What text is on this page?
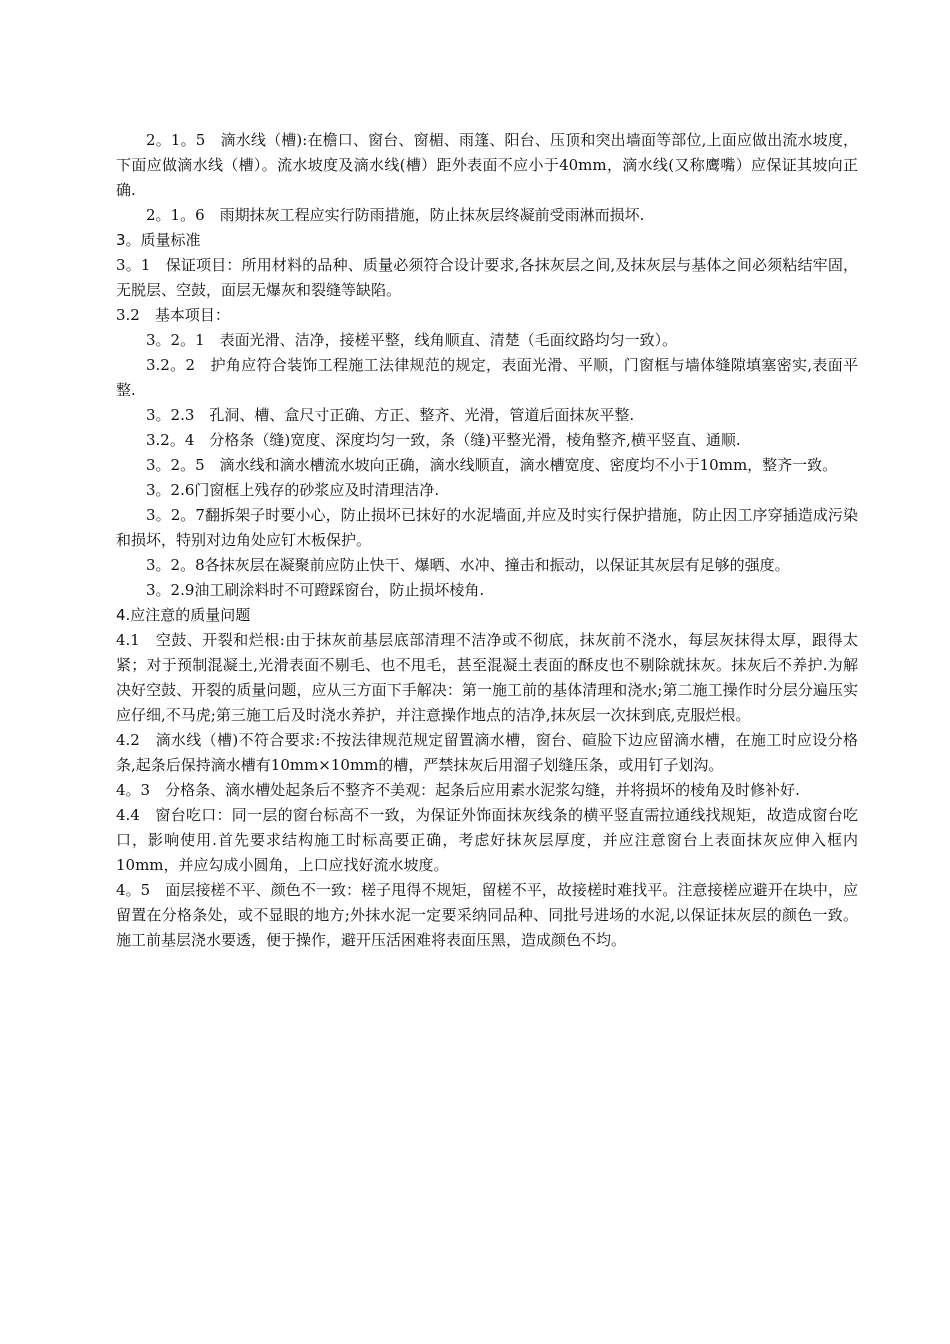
2。1。5　滴水线（槽):在檐口、窗台、窗楣、雨篷、阳台、压顶和突出墙面等部位,上面应做出流水坡度，下面应做滴水线（槽）。流水坡度及滴水线(槽）距外表面不应小于40mm，滴水线(又称鹰嘴）应保证其坡向正确.

2。1。6　雨期抹灰工程应实行防雨措施，防止抹灰层终凝前受雨淋而损坏.

3。质量标准

3。1　保证项目：所用材料的品种、质量必须符合设计要求,各抹灰层之间,及抹灰层与基体之间必须粘结牢固，无脱层、空鼓，面层无爆灰和裂缝等缺陷。

3.2　基本项目：

3。2。1　表面光滑、洁净，接槎平整，线角顺直、清楚（毛面纹路均匀一致）。

3.2。2　护角应符合装饰工程施工法律规范的规定，表面光滑、平顺，门窗框与墙体缝隙填塞密实,表面平整.

3。2.3　孔洞、槽、盒尺寸正确、方正、整齐、光滑，管道后面抹灰平整.

3.2。4　分格条（缝)宽度、深度均匀一致，条（缝)平整光滑，棱角整齐,横平竖直、通顺.

3。2。5　滴水线和滴水槽流水坡向正确，滴水线顺直，滴水槽宽度、密度均不小于10mm，整齐一致。

3。2.6门窗框上残存的砂浆应及时清理洁净.

3。2。7翻拆架子时要小心，防止损坏已抹好的水泥墙面,并应及时实行保护措施，防止因工序穿插造成污染和损坏，特别对边角处应钉木板保护。

3。2。8各抹灰层在凝聚前应防止快干、爆晒、水冲、撞击和振动，以保证其灰层有足够的强度。

3。2.9油工刷涂料时不可蹬踩窗台，防止损坏棱角.

4.应注意的质量问题

4.1　空鼓、开裂和烂根:由于抹灰前基层底部清理不洁净或不彻底，抹灰前不浇水，每层灰抹得太厚，跟得太紧；对于预制混凝土,光滑表面不剔毛、也不甩毛，甚至混凝土表面的酥皮也不剔除就抹灰。抹灰后不养护.为解决好空鼓、开裂的质量问题，应从三方面下手解决：第一施工前的基体清理和浇水;第二施工操作时分层分遍压实应仔细,不马虎;第三施工后及时浇水养护，并注意操作地点的洁净,抹灰层一次抹到底,克服烂根。

4.2　滴水线（槽)不符合要求:不按法律规范规定留置滴水槽，窗台、碹脸下边应留滴水槽，在施工时应设分格条,起条后保持滴水槽有10mm×10mm的槽，严禁抹灰后用溜子划缝压条，或用钉子划沟。

4。3　分格条、滴水槽处起条后不整齐不美观：起条后应用素水泥浆勾缝，并将损坏的棱角及时修补好.

4.4　窗台吃口：同一层的窗台标高不一致，为保证外饰面抹灰线条的横平竖直需拉通线找规矩，故造成窗台吃口，影响使用.首先要求结构施工时标高要正确，考虑好抹灰层厚度，并应注意窗台上表面抹灰应伸入框内10mm，并应勾成小圆角，上口应找好流水坡度。

4。5　面层接槎不平、颜色不一致：槎子甩得不规矩，留槎不平，故接槎时难找平。注意接槎应避开在块中，应留置在分格条处，或不显眼的地方;外抹水泥一定要采纳同品种、同批号进场的水泥,以保证抹灰层的颜色一致。施工前基层浇水要透，便于操作，避开压活困难将表面压黑，造成颜色不均。
